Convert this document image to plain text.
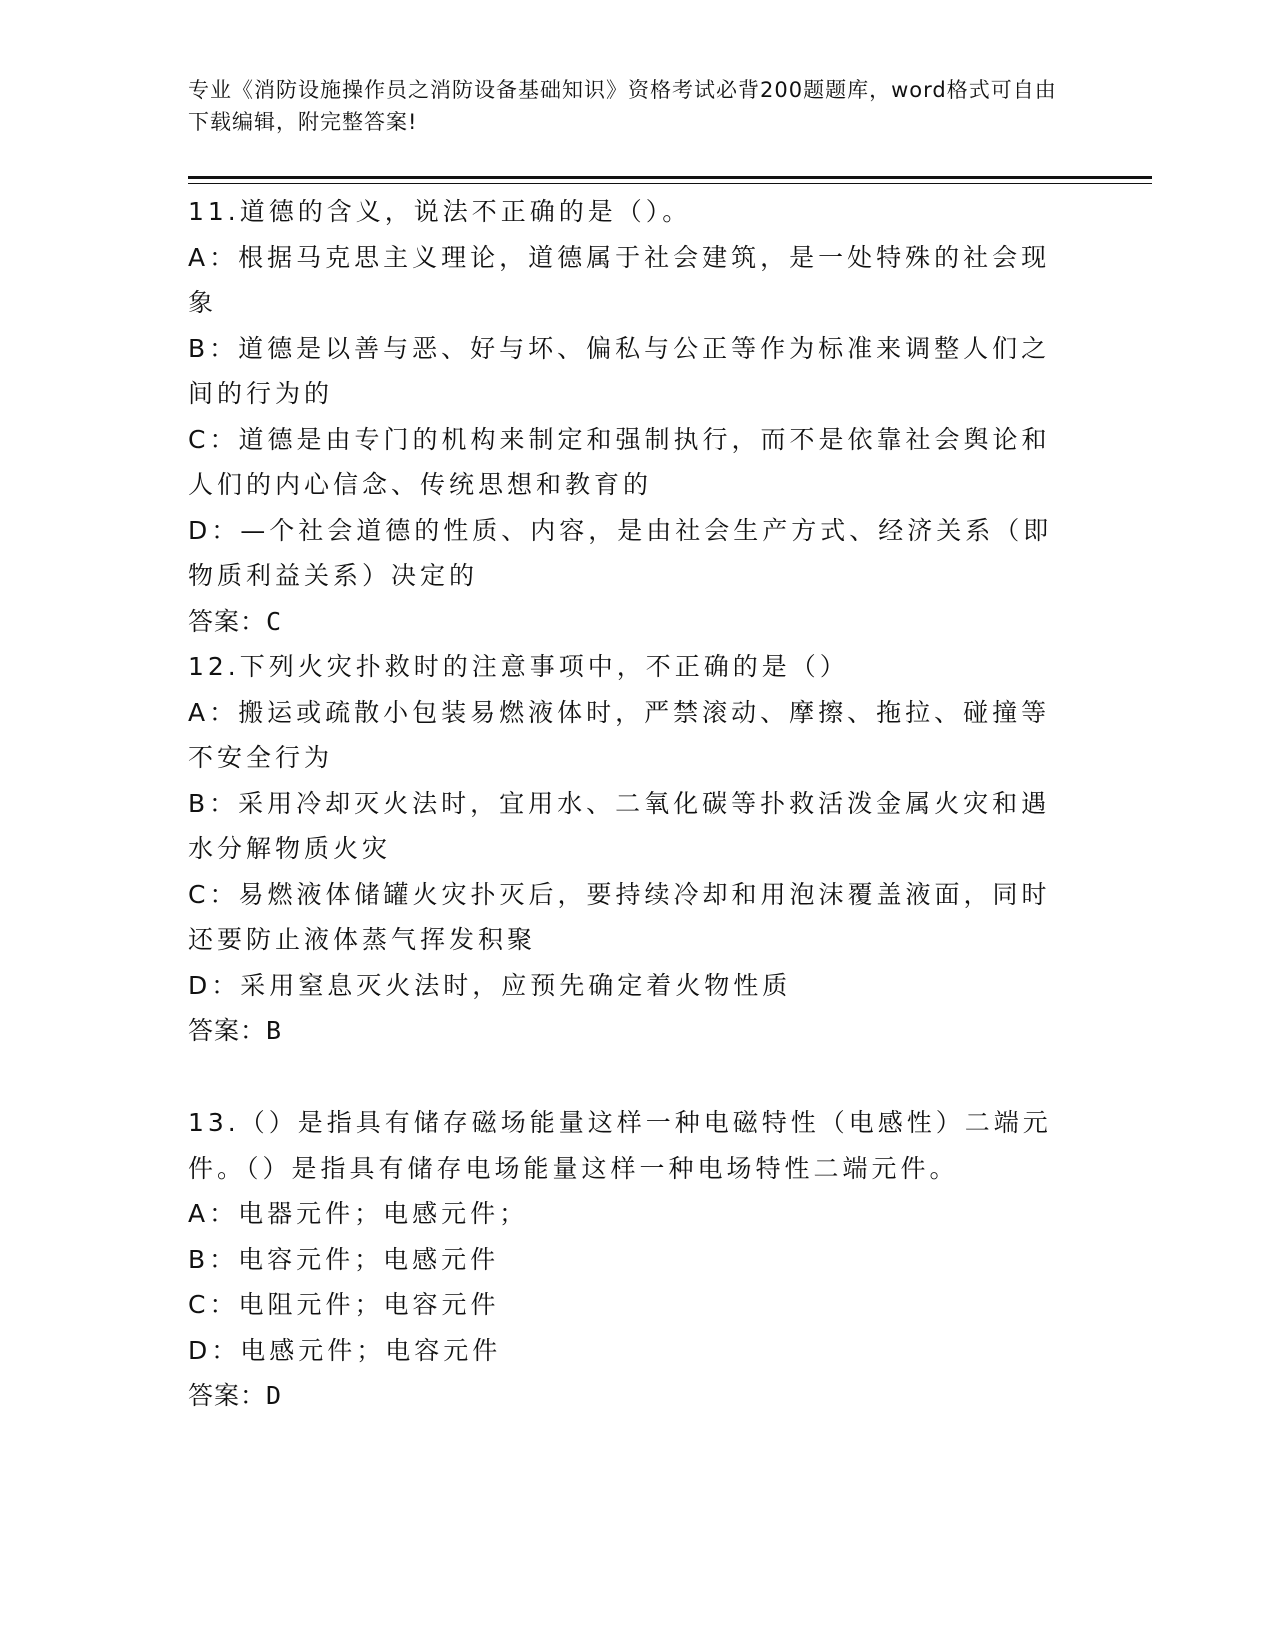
专业《消防设施操作员之消防设备基础知识》资格考试必背200题题库，word格式可自由下载编辑，附完整答案!

11.道德的含义，说法不正确的是（）。

A：根据马克思主义理论，道德属于社会建筑，是一处特殊的社会现象

B：道德是以善与恶、好与坏、偏私与公正等作为标准来调整人们之间的行为的

C：道德是由专门的机构来制定和强制执行，而不是依靠社会舆论和人们的内心信念、传统思想和教育的

D：—个社会道德的性质、内容，是由社会生产方式、经济关系（即物质利益关系）决定的

答案：C

12.下列火灾扑救时的注意事项中，不正确的是（）

A：搬运或疏散小包装易燃液体时，严禁滚动、摩擦、拖拉、碰撞等不安全行为

B：采用冷却灭火法时，宜用水、二氧化碳等扑救活泼金属火灾和遇水分解物质火灾

C：易燃液体储罐火灾扑灭后，要持续冷却和用泡沫覆盖液面，同时还要防止液体蒸气挥发积聚

D：采用窒息灭火法时，应预先确定着火物性质

答案：B

13.（）是指具有储存磁场能量这样一种电磁特性（电感性）二端元件。（）是指具有储存电场能量这样一种电场特性二端元件。

A：电器元件；电感元件；

B：电容元件；电感元件

C：电阻元件；电容元件

D：电感元件；电容元件

答案：D
